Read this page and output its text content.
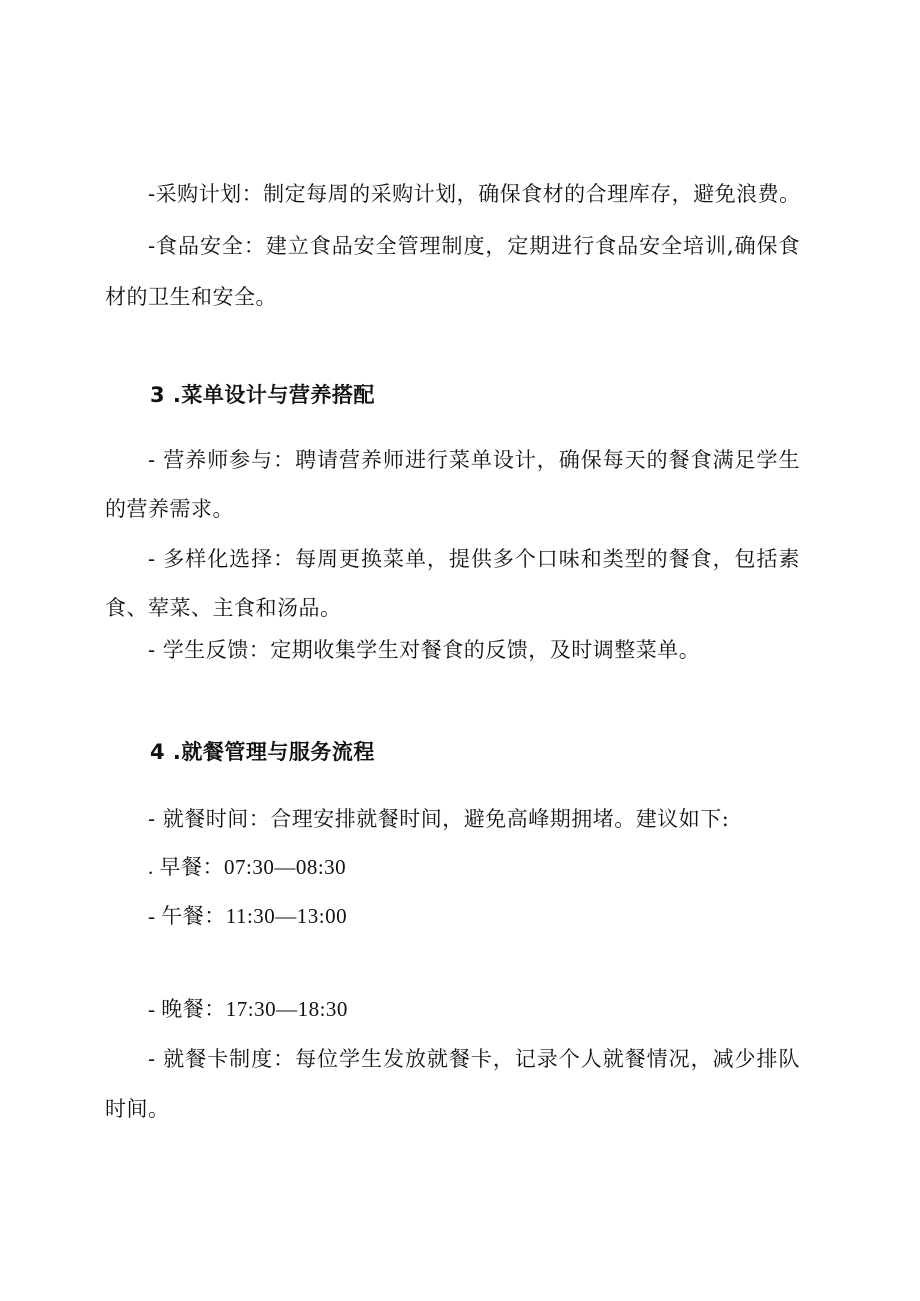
-采购计划：制定每周的采购计划，确保食材的合理库存，避免浪费。
-食品安全：建立食品安全管理制度，定期进行食品安全培训,确保食
材的卫生和安全。
3 .菜单设计与营养搭配
- 营养师参与：聘请营养师进行菜单设计，确保每天的餐食满足学生
的营养需求。
- 多样化选择：每周更换菜单，提供多个口味和类型的餐食，包括素
食、荤菜、主食和汤品。
- 学生反馈：定期收集学生对餐食的反馈，及时调整菜单。
4 .就餐管理与服务流程
- 就餐时间：合理安排就餐时间，避免高峰期拥堵。建议如下:
. 早餐：07:30—08:30
- 午餐：11:30—13:00
- 晚餐：17:30—18:30
- 就餐卡制度：每位学生发放就餐卡，记录个人就餐情况，减少排队
时间。
